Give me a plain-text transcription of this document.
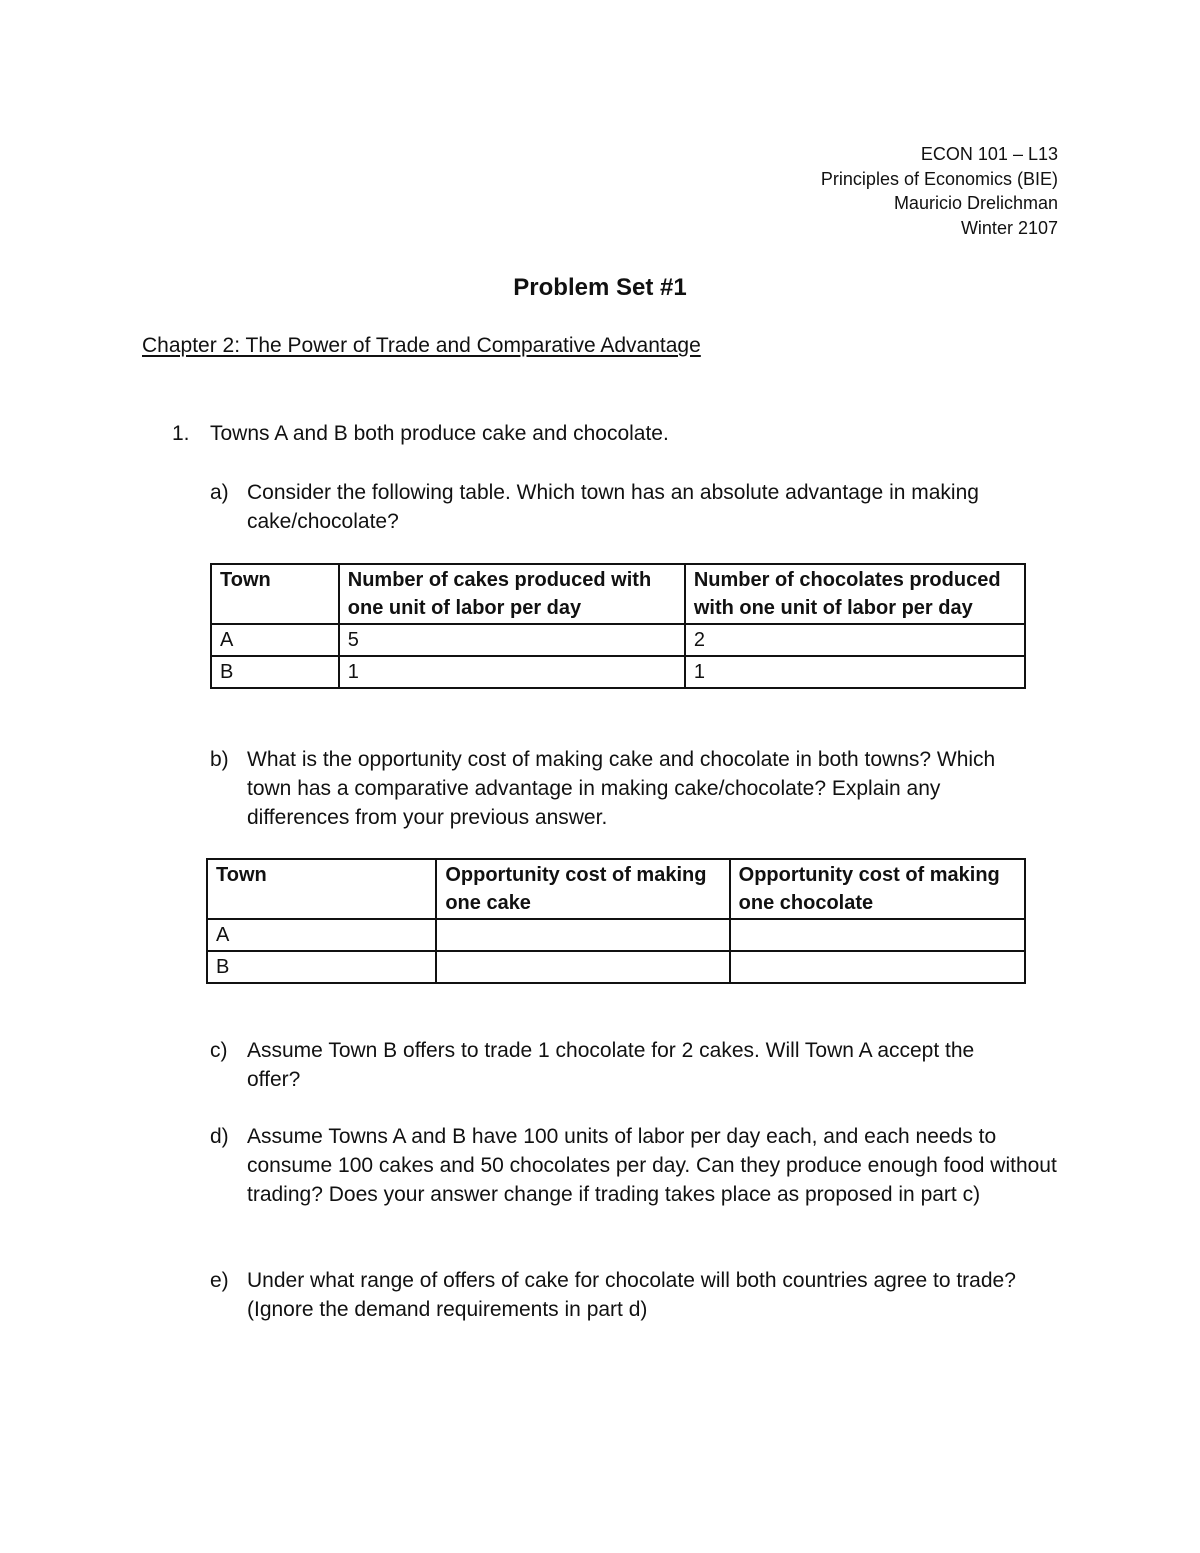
ECON 101 – L13
Principles of Economics (BIE)
Mauricio Drelichman
Winter 2107
Problem Set #1
Chapter 2: The Power of Trade and Comparative Advantage
1. Towns A and B both produce cake and chocolate.
a) Consider the following table. Which town has an absolute advantage in making cake/chocolate?
Town	Number of cakes produced with one unit of labor per day	Number of chocolates produced with one unit of labor per day
A	5	2
B	1	1
b) What is the opportunity cost of making cake and chocolate in both towns? Which town has a comparative advantage in making cake/chocolate? Explain any differences from your previous answer.
Town	Opportunity cost of making one cake	Opportunity cost of making one chocolate
A		
B		
c) Assume Town B offers to trade 1 chocolate for 2 cakes. Will Town A accept the offer?
d) Assume Towns A and B have 100 units of labor per day each, and each needs to consume 100 cakes and 50 chocolates per day. Can they produce enough food without trading? Does your answer change if trading takes place as proposed in part c)
e) Under what range of offers of cake for chocolate will both countries agree to trade? (Ignore the demand requirements in part d)
